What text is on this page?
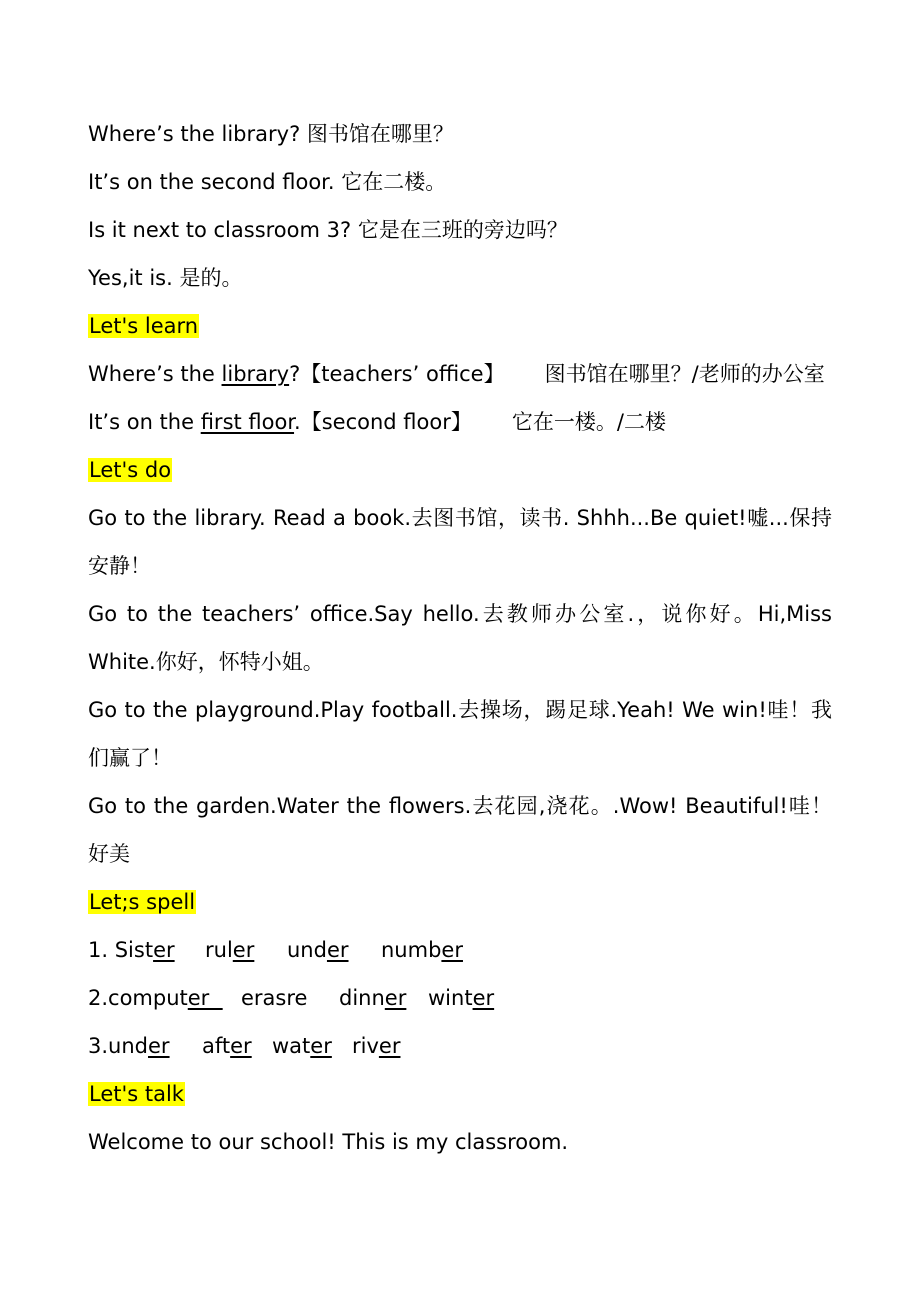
Where’s the library? 图书馆在哪里？
It’s on the second floor. 它在二楼。
Is it next to classroom 3? 它是在三班的旁边吗？
Yes,it is. 是的。
Let's learn
Where’s the library?【teachers’ office】      图书馆在哪里？/老师的办公室
It’s on the first floor.【second floor】      它在一楼。/二楼
Let's do
Go to the library. Read a book.去图书馆，读书. Shhh...Be quiet!嘘...保持安静！
Go to the teachers’ office.Say hello.去教师办公室.，说你好。Hi,Miss White.你好，怀特小姐。
Go to the playground.Play football.去操场，踢足球.Yeah! We win!哇！我们赢了！
Go to the garden.Water the flowers.去花园,浇花。.Wow! Beautiful!哇！好美
Let;s spell
1. Sister ruler under number
2.computer  erasre dinner winter
3.under after water river
Let's talk
Welcome to our school! This is my classroom.
